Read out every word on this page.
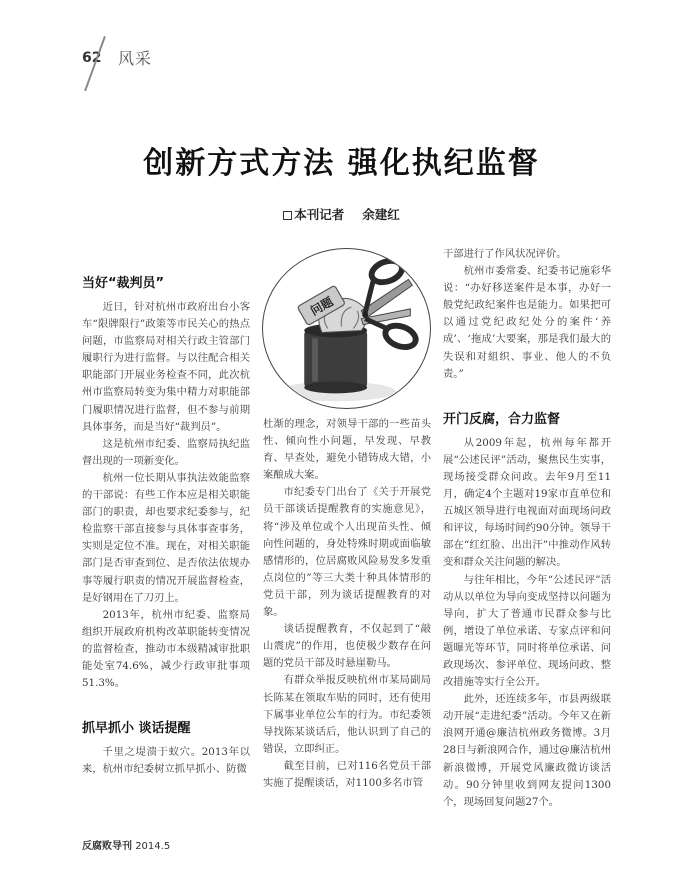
62 风采
创新方式方法 强化执纪监督
本刊记者 余建红
当好“裁判员”

近日，针对杭州市政府出台小客车“限牌限行”政策等市民关心的热点问题，市监察局对相关行政主管部门履职行为进行监督。与以往配合相关职能部门开展业务检查不同，此次杭州市监察局转变为集中精力对职能部门履职情况进行监督，但不参与前期具体事务，而是当好“裁判员”。

这是杭州市纪委、监察局执纪监督出现的一项新变化。

杭州一位长期从事执法效能监察的干部说：有些工作本应是相关职能部门的职责，却也要求纪委参与，纪检监察干部直接参与具体事查事务，实则是定位不准。现在，对相关职能部门是否审查到位、是否依法依规办事等履行职责的情况开展监督检查，是好钢用在了刀刃上。

2013年，杭州市纪委、监察局组织开展政府机构改革职能转变情况的监督检查，推动市本级精减审批职能处室74.6%，减少行政审批事项51.3%。

抓早抓小 谈话提醒

千里之堤溃于蚁穴。2013年以来，杭州市纪委树立抓早抓小、防微

问题

杜渐的理念，对领导干部的一些苗头性、倾向性小问题，早发现、早教育、早查处，避免小错铸成大错，小案酿成大案。

市纪委专门出台了《关于开展党员干部谈话提醒教育的实施意见》，将“涉及单位或个人出现苗头性、倾向性问题的，身处特殊时期或面临敏感情形的，位居腐败风险易发多发重点岗位的”等三大类十种具体情形的党员干部，列为谈话提醒教育的对象。

谈话提醒教育，不仅起到了“敲山震虎”的作用，也使极少数存在问题的党员干部及时悬崖勒马。

有群众举报反映杭州市某局副局长陈某在领取车贴的同时，还有使用下属事业单位公车的行为。市纪委领导找陈某谈话后，他认识到了自己的错误，立即纠正。

截至目前，已对116名党员干部实施了提醒谈话，对1100多名市管

干部进行了作风状况评价。

杭州市委常委、纪委书记施彩华说：“办好移送案件是本事，办好一般党纪政纪案件也是能力。如果把可以通过党纪政纪处分的案件‘养成’、‘拖成’大要案，那是我们最大的失误和对組织、事业、他人的不负责。”

开门反腐，合力监督

从2009年起，杭州每年都开展“公述民评”活动，聚焦民生实事，现场接受群众问政。去年9月至11月，确定4个主题对19家市直单位和五城区领导进行电视面对面现场问政和评议，每场时间约90分钟。领导干部在“红红脸、出出汗”中推动作风转变和群众关注问题的解决。

与往年相比，今年“公述民评”活动从以单位为导向变成坚持以问题为导向，扩大了普通市民群众参与比例，增设了单位承诺、专家点评和问题曝光等环节，同时将单位承诺、问政现场次、参评单位、现场问政、整改措施等实行全公开。

此外，还连续多年，市县两级联动开展“走进纪委”活动。今年又在新浪网开通@廉洁杭州政务微博。3月28日与新浪网合作，通过@廉洁杭州新浪微博，开展党风廉政微访谈活动。90分钟里收到网友提问1300个，现场回复问题27个。

反腐败导刊 2014.5
